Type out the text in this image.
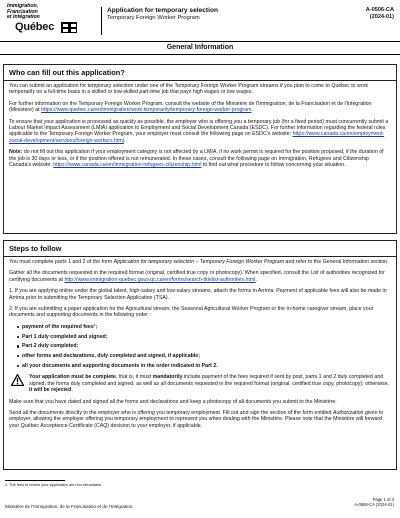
Immigration,
Francisation
et Intégration
Québec
Application for temporary selection
Temporary Foreign Worker Program
A-0506-CA
(2024-01)
General Information
Who can fill out this application?

You can submit an application for temporary selection under one of the Temporary Foreign Worker Program streams if you plan to come to Québec to work temporarily on a full-time basis in a skilled or low-skilled part-time job that pays high wages or low wages.

For further information on the Temporary Foreign Worker Program, consult the website of the Ministère de l'Immigration, de la Francisation et de l'Intégration (Ministère) at https://www.quebec.ca/en/immigration/work-temporarily/temporary-foreign-worker-program.

To ensure that your application is processed as quickly as possible, the employer who is offering you a temporary job (for a fixed period) must concurrently submit a Labour Market Impact Assessment (LMIA) application to Employment and Social Development Canada (ESDC). For further information regarding the federal rules applicable to the Temporary Foreign Worker Program, your employer must consult the following page on ESDC's website: https://www.canada.ca/en/employment-social-development/services/foreign-workers.html.

Note: do not fill out this application if your employment category is not affected by a LMIA, if no work permit is required for the position proposed, if the duration of the job is 30 days or less, or if the position offered is not remunerated. In these cases, consult the following page on Immigration, Refugees and Citizenship Canada's website: https://www.canada.ca/en/immigration-refugees-citizenship.html to find out what procedure to follow concerning your situation.

Steps to follow

You must complete parts 1 and 2 of the form Application for temporary selection – Temporary Foreign Worker Program and refer to the General Information section.

Gather all the documents requested in the required format (original, certified true copy or photocopy). When specified, consult the List of authorities recognized for certifying documents at http://www.immigration-quebec.gouv.qc.ca/en/forms/search-titlelist-authorities.html.

1. If you are applying online under the global talent, high-salary and low-salary streams, attach the forms in Arrima. Payment of applicable fees will also be made in Arrima prior to submitting the Temporary Selection Application (TSA).

2. If you are submitting a paper application for the Agricultural stream, the Seasonal Agricultural Worker Program or the In-home caregiver stream, place your documents and supporting documents in the following order :

payment of the required fees¹;
Part 1 duly completed and signed;
Part 2 duly completed;
other forms and declarations, duly completed and signed, if applicable;
all your documents and supporting documents in the order indicated in Part 2.
Your application must be complete, that is, it must mandatorily include payment of the fees required if sent by post, parts 1 and 2 duly completed and signed, the forms duly completed and signed, as well as all documents requested in the required format (original, certified true copy, photocopy); otherwise, it will be rejected.

Make sure that you have dated and signed all the forms and declarations and keep a photocopy of all documents you submit to the Ministère.

Send all the documents directly to the employer who is offering you temporary employment. Fill out and sign the section of the form entitled Authorization given to employer, allowing the employer offering you temporary employment to represent you when dealing with the Ministère. Please note that the Ministère will forward your Québec Acceptance Certificate (CAQ) decision to your employer, if applicable.

1. The fees to review your application are non-refundable.
Page 1 of 3
A-0506-CA (2024-01)
Ministère de l'Immigration, de la Francisation et de l'Intégration
